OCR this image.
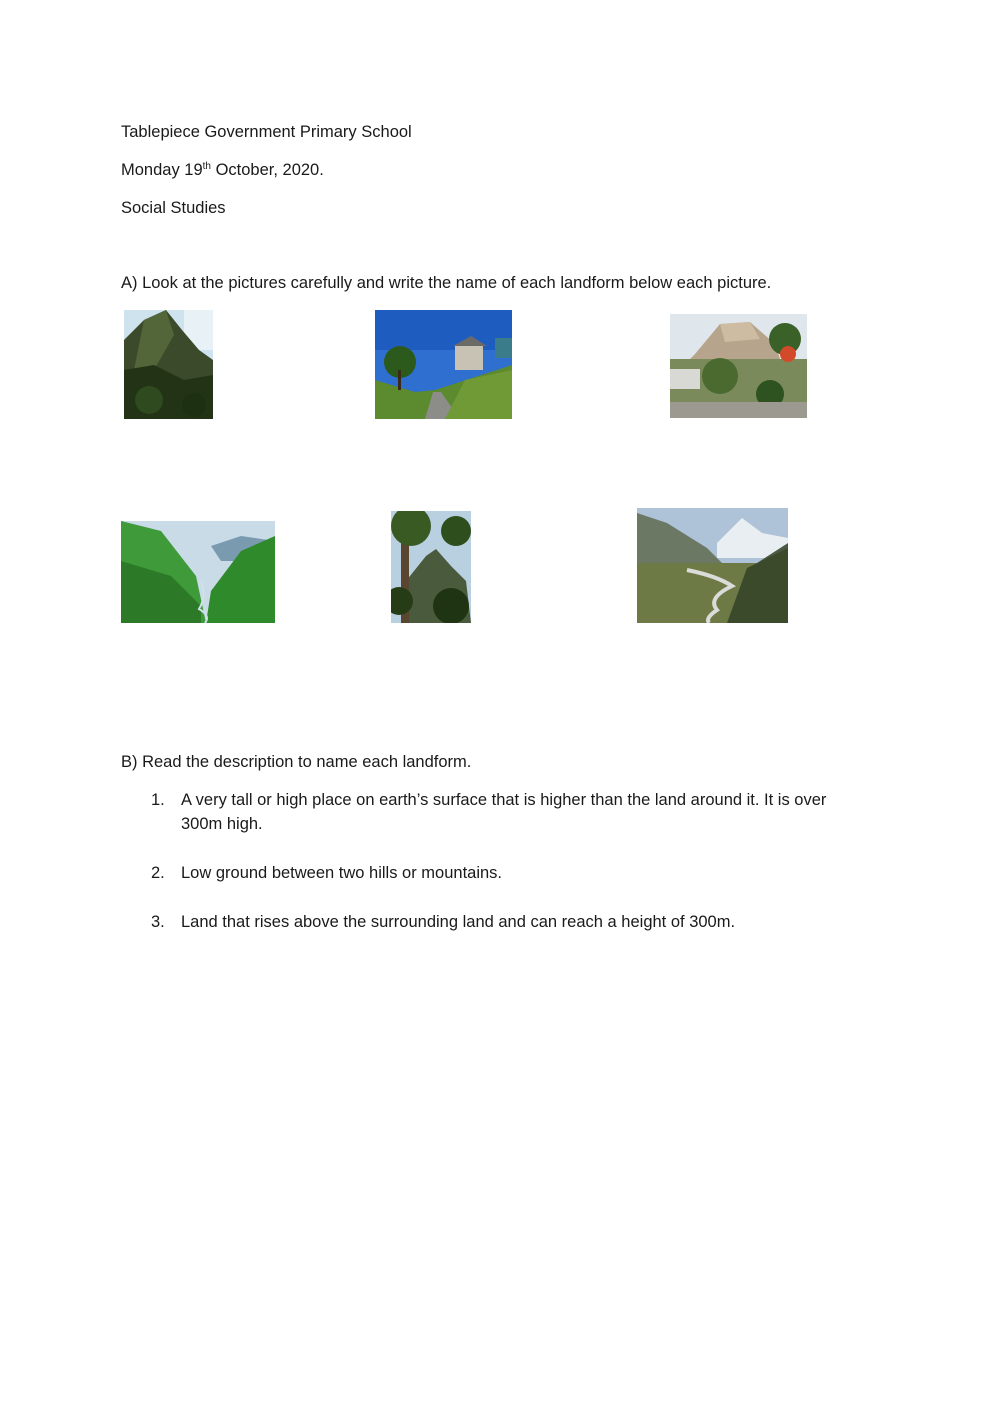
Tablepiece Government Primary School
Monday 19th October, 2020.
Social Studies
A) Look at the pictures carefully and write the name of each landform below each picture.
B) Read the description to name each landform.
1. A very tall or high place on earth’s surface that is higher than the land around it. It is over 300m high.
2. Low ground between two hills or mountains.
3. Land that rises above the surrounding land and can reach a height of 300m.
